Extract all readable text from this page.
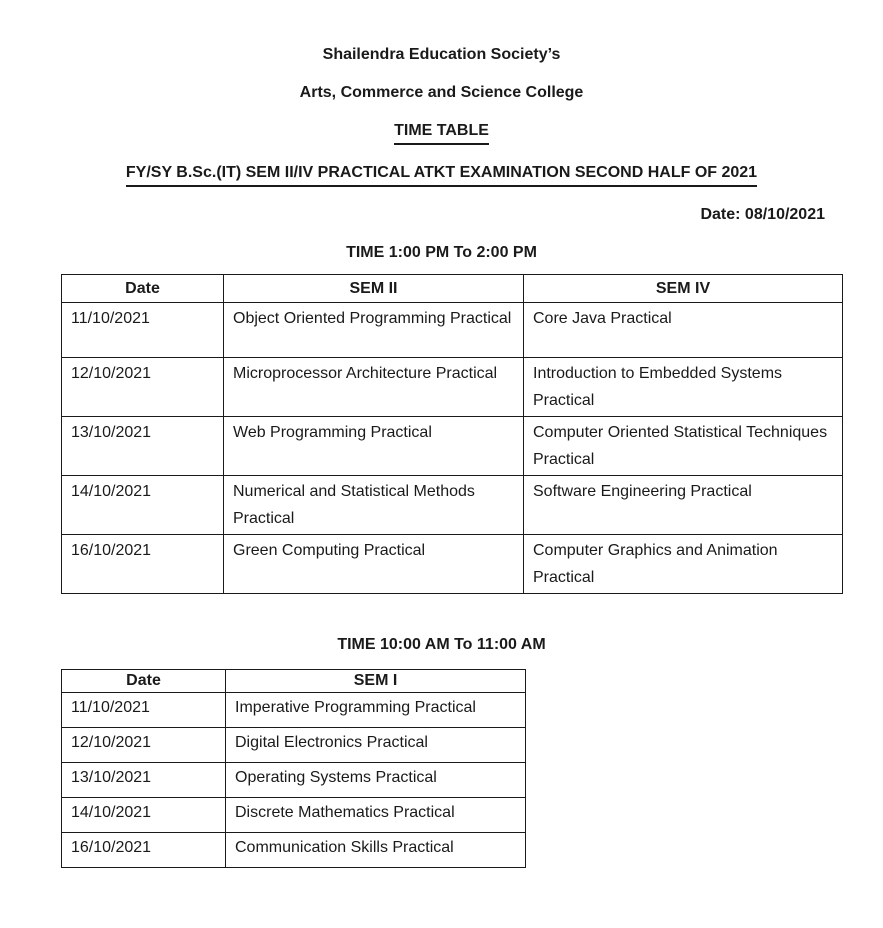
Shailendra Education Society’s
Arts, Commerce and Science College
TIME TABLE
FY/SY B.Sc.(IT) SEM II/IV PRACTICAL ATKT EXAMINATION SECOND HALF OF 2021
Date: 08/10/2021
TIME 1:00 PM To 2:00 PM
Date	SEM II	SEM IV
11/10/2021	Object Oriented Programming Practical	Core Java Practical
12/10/2021	Microprocessor Architecture Practical	Introduction to Embedded Systems Practical
13/10/2021	Web Programming Practical	Computer Oriented Statistical Techniques Practical
14/10/2021	Numerical and Statistical Methods Practical	Software Engineering Practical
16/10/2021	Green Computing Practical	Computer Graphics and Animation Practical
TIME 10:00 AM To 11:00 AM
Date	SEM I
11/10/2021	Imperative Programming Practical
12/10/2021	Digital Electronics Practical
13/10/2021	Operating Systems Practical
14/10/2021	Discrete Mathematics Practical
16/10/2021	Communication Skills Practical
